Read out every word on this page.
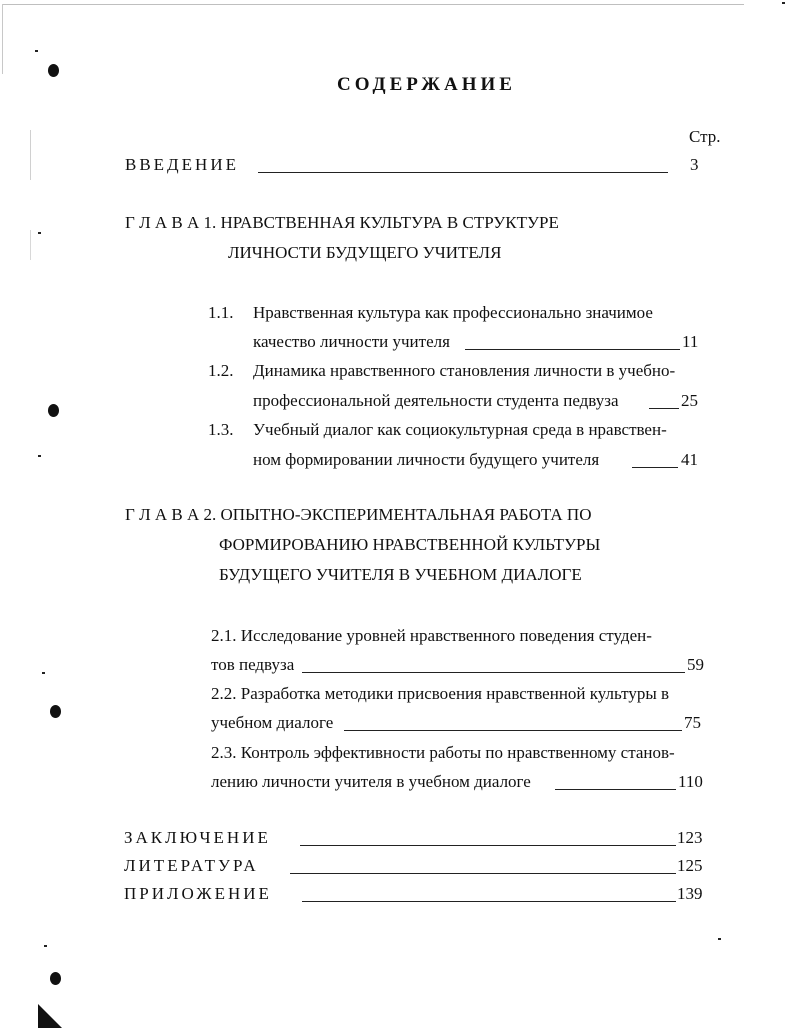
СОДЕРЖАНИЕ
Стр.
ВВЕДЕНИЕ	3
Г Л А В А 1. НРАВСТВЕННАЯ КУЛЬТУРА В СТРУКТУРЕ
ЛИЧНОСТИ БУДУЩЕГО УЧИТЕЛЯ
1.1. Нравственная культура как профессионально значимое
качество личности учителя	11
1.2. Динамика нравственного становления личности в учебно-
профессиональной деятельности студента педвуза	25
1.3. Учебный диалог как социокультурная среда в нравствен-
ном формировании личности будущего учителя	41
Г Л А В А 2. ОПЫТНО-ЭКСПЕРИМЕНТАЛЬНАЯ РАБОТА ПО
ФОРМИРОВАНИЮ НРАВСТВЕННОЙ КУЛЬТУРЫ
БУДУЩЕГО УЧИТЕЛЯ В УЧЕБНОМ ДИАЛОГЕ
2.1. Исследование уровней нравственного поведения студен-
тов педвуза	59
2.2. Разработка методики присвоения нравственной культуры в
учебном диалоге	75
2.3. Контроль эффективности работы по нравственному станов-
лению личности учителя в учебном диалоге	110
ЗАКЛЮЧЕНИЕ	123
ЛИТЕРАТУРА	125
ПРИЛОЖЕНИЕ	139
